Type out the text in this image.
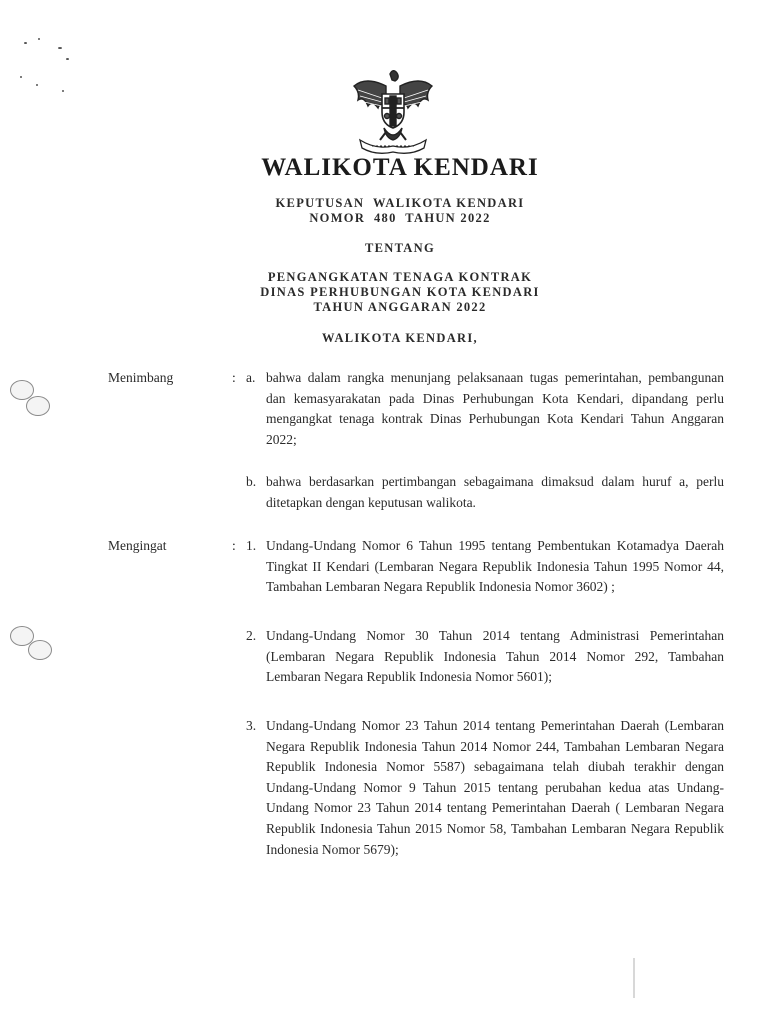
WALIKOTA KENDARI
KEPUTUSAN  WALIKOTA KENDARI
NOMOR  480  TAHUN 2022
TENTANG
PENGANGKATAN TENAGA KONTRAK
DINAS PERHUBUNGAN KOTA KENDARI
TAHUN ANGGARAN 2022
WALIKOTA KENDARI,
Menimbang	: a. bahwa dalam rangka menunjang pelaksanaan tugas pemerintahan, pembangunan dan kemasyarakatan pada Dinas Perhubungan Kota Kendari, dipandang perlu mengangkat tenaga kontrak Dinas Perhubungan Kota Kendari Tahun Anggaran 2022;
b. bahwa berdasarkan pertimbangan sebagaimana dimaksud dalam huruf a, perlu ditetapkan dengan keputusan walikota.
Mengingat	: 1. Undang-Undang Nomor 6 Tahun 1995 tentang Pembentukan Kotamadya Daerah Tingkat II Kendari (Lembaran Negara Republik Indonesia Tahun 1995 Nomor 44, Tambahan Lembaran Negara Republik Indonesia Nomor 3602) ;
2. Undang-Undang Nomor 30 Tahun 2014 tentang Administrasi Pemerintahan (Lembaran Negara Republik Indonesia Tahun 2014 Nomor 292, Tambahan Lembaran Negara Republik Indonesia Nomor 5601);
3. Undang-Undang Nomor 23 Tahun 2014 tentang Pemerintahan Daerah (Lembaran Negara Republik Indonesia Tahun 2014 Nomor 244, Tambahan Lembaran Negara Republik Indonesia Nomor 5587) sebagaimana telah diubah terakhir dengan Undang-Undang Nomor 9 Tahun 2015 tentang perubahan kedua atas Undang-Undang Nomor 23 Tahun 2014 tentang Pemerintahan Daerah ( Lembaran Negara Republik Indonesia Tahun 2015 Nomor 58, Tambahan Lembaran Negara Republik Indonesia Nomor 5679);
